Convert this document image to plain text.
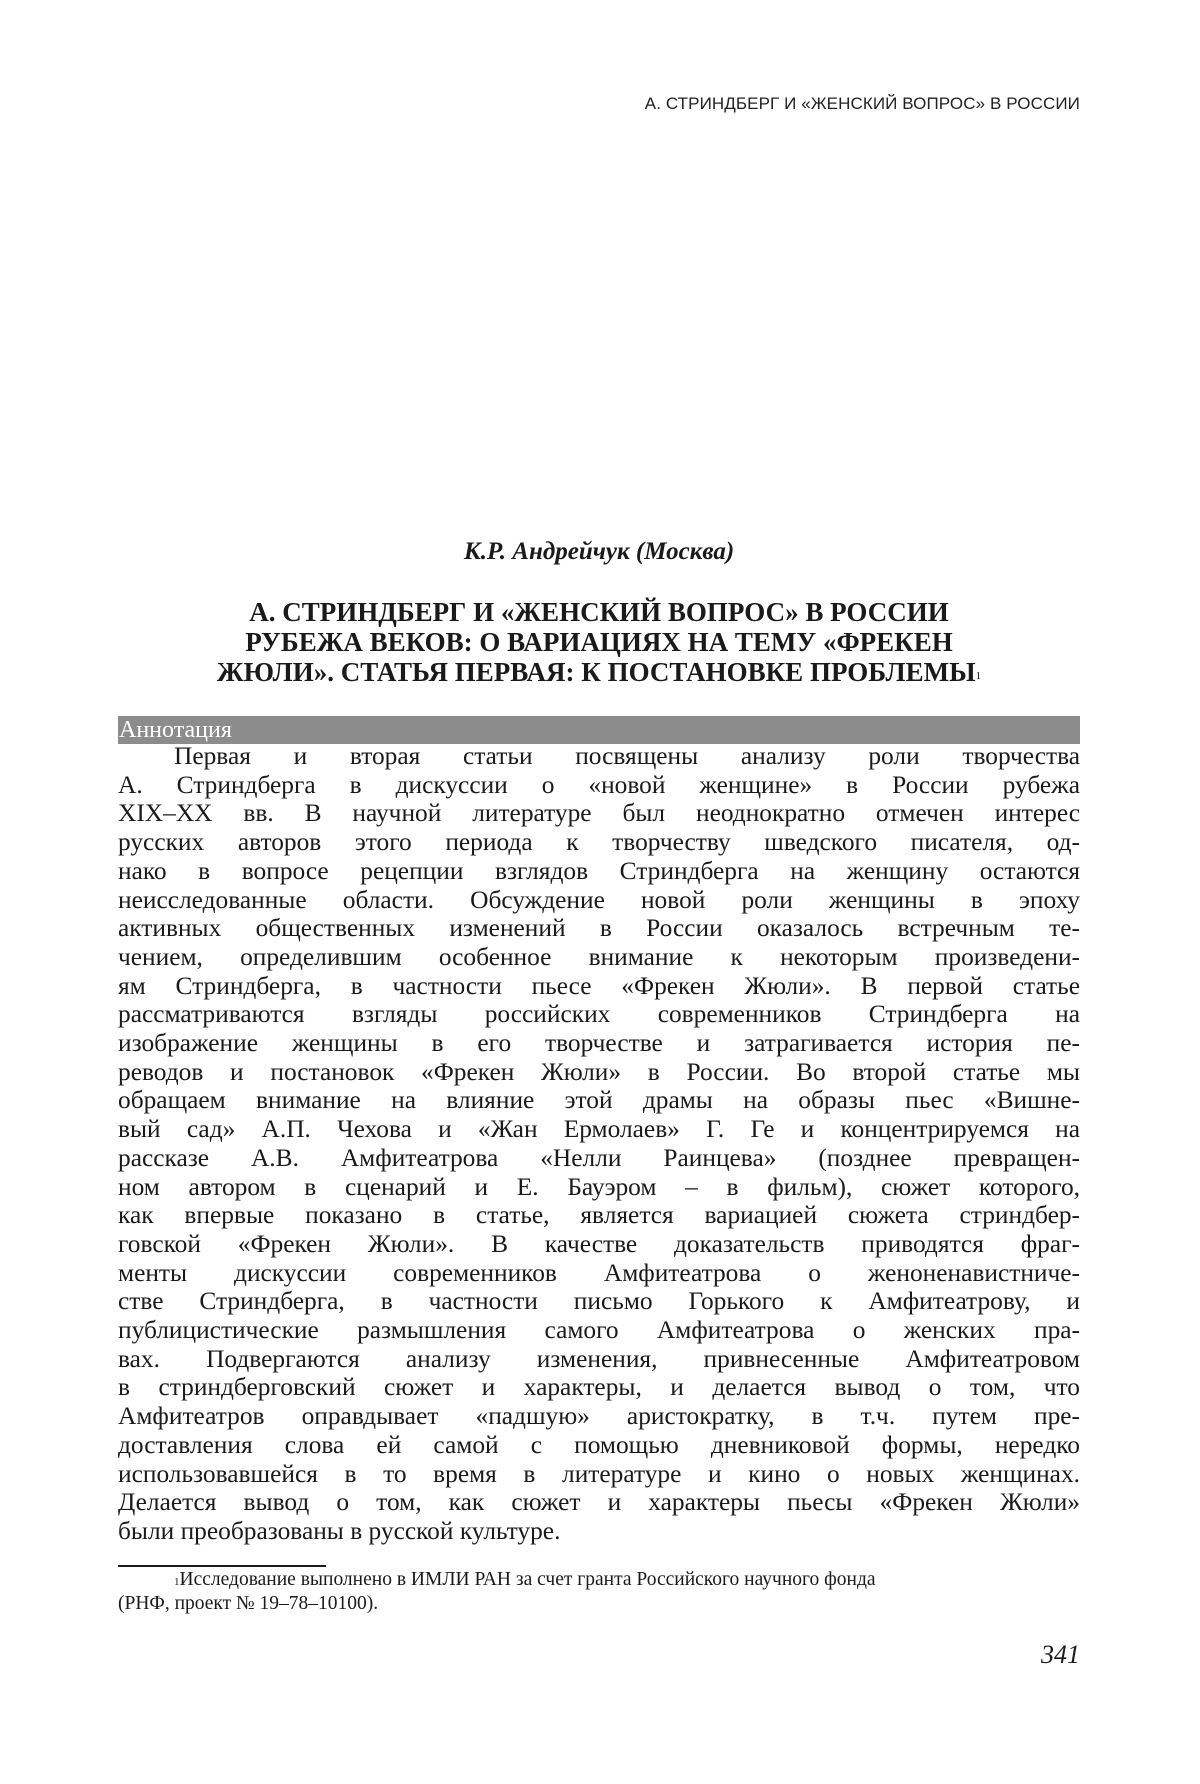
А. СТРИНДБЕРГ И «ЖЕНСКИЙ ВОПРОС» В РОССИИ
К.Р. Андрейчук (Москва)
А. СТРИНДБЕРГ И «ЖЕНСКИЙ ВОПРОС» В РОССИИ
РУБЕЖА ВЕКОВ: О ВАРИАЦИЯХ НА ТЕМУ «ФРЕКЕН
ЖЮЛИ». СТАТЬЯ ПЕРВАЯ: К ПОСТАНОВКЕ ПРОБЛЕМЫ1
Аннотация
Первая и вторая статьи посвящены анализу роли творчества
А. Стриндберга в дискуссии о «новой женщине» в России рубежа
XIX–XX вв. В научной литературе был неоднократно отмечен интерес
русских авторов этого периода к творчеству шведского писателя, од-
нако в вопросе рецепции взглядов Стриндберга на женщину остаются
неисследованные области. Обсуждение новой роли женщины в эпоху
активных общественных изменений в России оказалось встречным те-
чением, определившим особенное внимание к некоторым произведени-
ям Стриндберга, в частности пьесе «Фрекен Жюли». В первой статье
рассматриваются взгляды российских современников Стриндберга на
изображение женщины в его творчестве и затрагивается история пе-
реводов и постановок «Фрекен Жюли» в России. Во второй статье мы
обращаем внимание на влияние этой драмы на образы пьес «Вишне-
вый сад» А.П. Чехова и «Жан Ермолаев» Г. Ге и концентрируемся на
рассказе А.В. Амфитеатрова «Нелли Раинцева» (позднее превращен-
ном автором в сценарий и Е. Бауэром – в фильм), сюжет которого,
как впервые показано в статье, является вариацией сюжета стриндбер-
говской «Фрекен Жюли». В качестве доказательств приводятся фраг-
менты дискуссии современников Амфитеатрова о женоненавистниче-
стве Стриндберга, в частности письмо Горького к Амфитеатрову, и
публицистические размышления самого Амфитеатрова о женских пра-
вах. Подвергаются анализу изменения, привнесенные Амфитеатровом
в стриндберговский сюжет и характеры, и делается вывод о том, что
Амфитеатров оправдывает «падшую» аристократку, в т.ч. путем пре-
доставления слова ей самой с помощью дневниковой формы, нередко
использовавшейся в то время в литературе и кино о новых женщинах.
Делается вывод о том, как сюжет и характеры пьесы «Фрекен Жюли»
были преобразованы в русской культуре.
1Исследование выполнено в ИМЛИ РАН за счет гранта Российского научного фонда
(РНФ, проект № 19–78–10100).
341
